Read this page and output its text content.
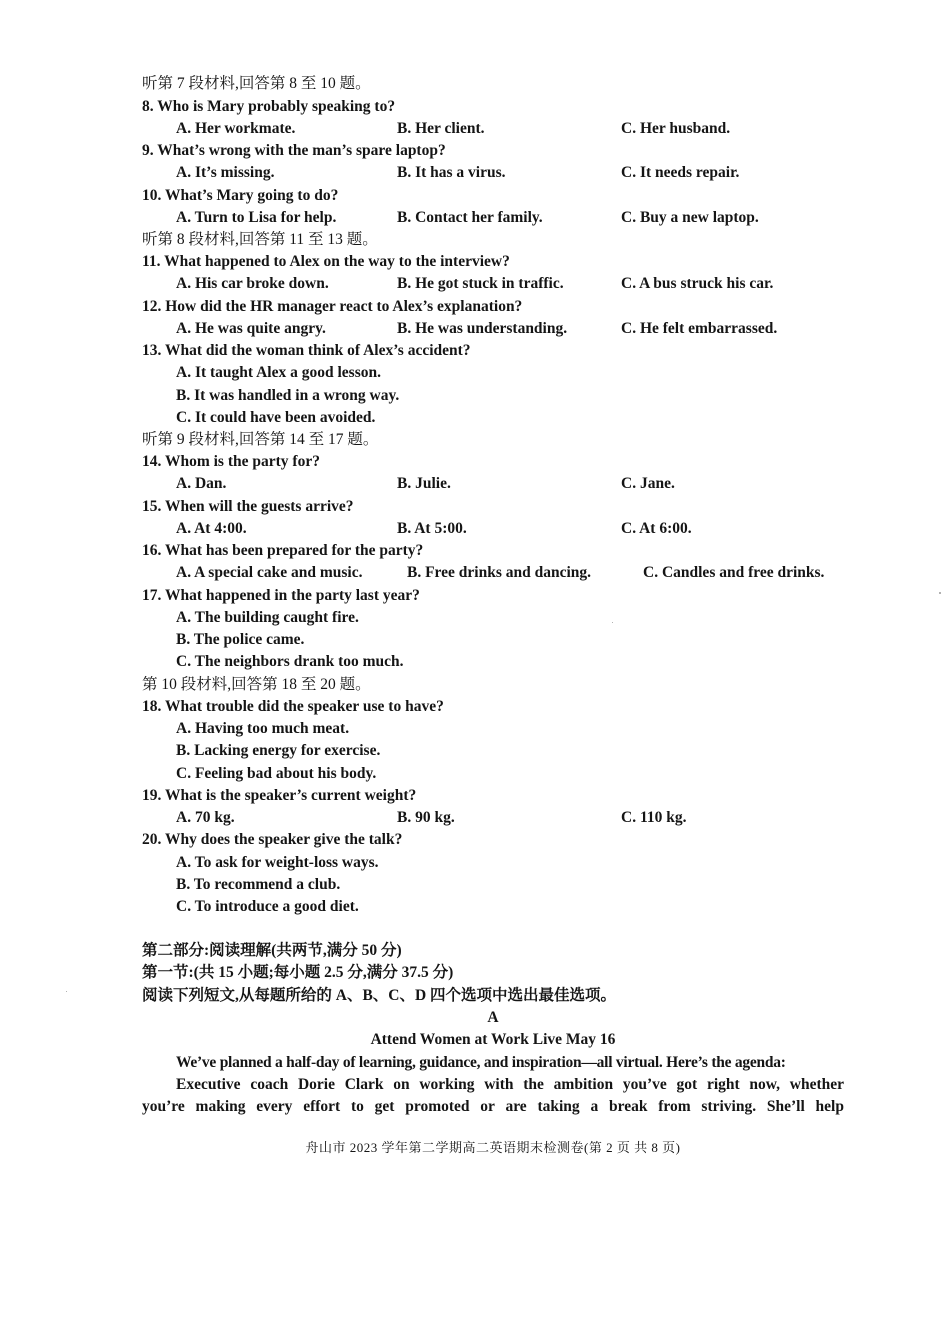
听第 7 段材料,回答第 8 至 10 题。
8. Who is Mary probably speaking to?
A. Her workmate.	B. Her client.	C. Her husband.
9. What’s wrong with the man’s spare laptop?
A. It’s missing.	B. It has a virus.	C. It needs repair.
10. What’s Mary going to do?
A. Turn to Lisa for help.	B. Contact her family.	C. Buy a new laptop.
听第 8 段材料,回答第 11 至 13 题。
11. What happened to Alex on the way to the interview?
A. His car broke down.	B. He got stuck in traffic.	C. A bus struck his car.
12. How did the HR manager react to Alex’s explanation?
A. He was quite angry.	B. He was understanding.	C. He felt embarrassed.
13. What did the woman think of Alex’s accident?
A. It taught Alex a good lesson.
B. It was handled in a wrong way.
C. It could have been avoided.
听第 9 段材料,回答第 14 至 17 题。
14. Whom is the party for?
A. Dan.	B. Julie.	C. Jane.
15. When will the guests arrive?
A. At 4:00.	B. At 5:00.	C. At 6:00.
16. What has been prepared for the party?
A. A special cake and music.	B. Free drinks and dancing.	C. Candles and free drinks.
17. What happened in the party last year?
A. The building caught fire.
B. The police came.
C. The neighbors drank too much.
第 10 段材料,回答第 18 至 20 题。
18. What trouble did the speaker use to have?
A. Having too much meat.
B. Lacking energy for exercise.
C. Feeling bad about his body.
19. What is the speaker’s current weight?
A. 70 kg.	B. 90 kg.	C. 110 kg.
20. Why does the speaker give the talk?
A. To ask for weight-loss ways.
B. To recommend a club.
C. To introduce a good diet.
第二部分:阅读理解(共两节,满分 50 分)
第一节:(共 15 小题;每小题 2.5 分,满分 37.5 分)
阅读下列短文,从每题所给的 A、B、C、D 四个选项中选出最佳选项。
A
Attend Women at Work Live May 16
We’ve planned a half-day of learning, guidance, and inspiration—all virtual. Here’s the agenda:
Executive coach Dorie Clark on working with the ambition you’ve got right now, whether
you’re making every effort to get promoted or are taking a break from striving. She’ll help
舟山市 2023 学年第二学期高二英语期末检测卷(第 2 页 共 8 页)
